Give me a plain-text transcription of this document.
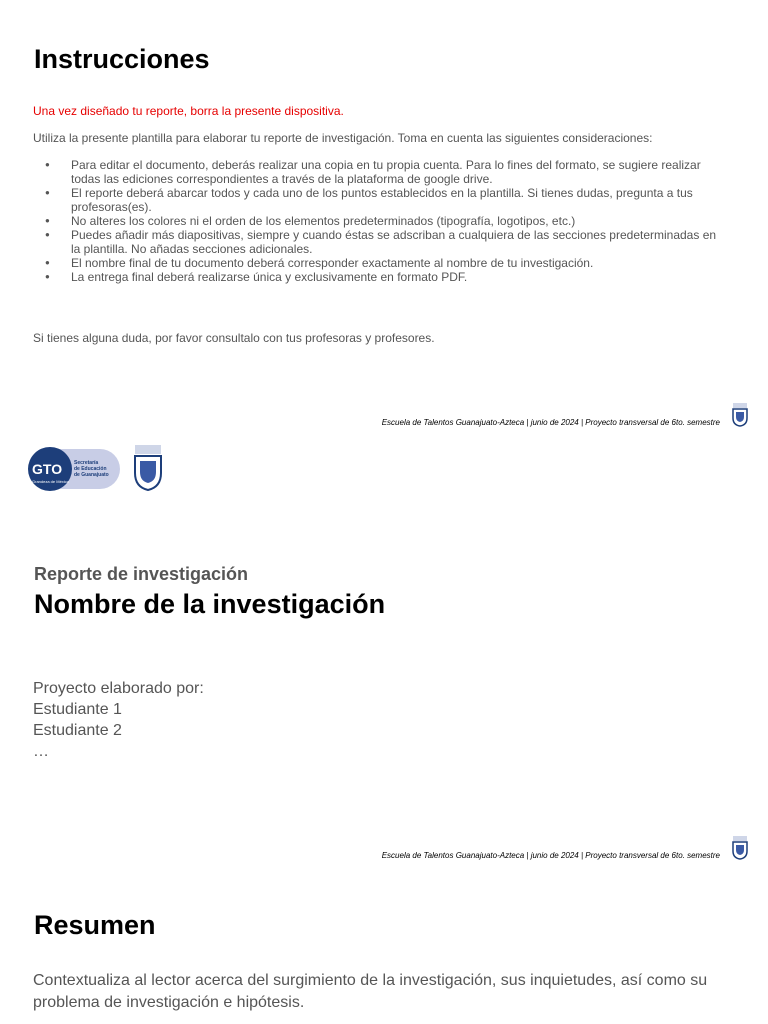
Instrucciones
Una vez diseñado tu reporte, borra la presente dispositiva.
Utiliza la presente plantilla para elaborar tu reporte de investigación. Toma en cuenta las siguientes consideraciones:
● Para editar el documento, deberás realizar una copia en tu propia cuenta. Para lo fines del formato, se sugiere realizar todas las ediciones correspondientes a través de la plataforma de google drive.
● El reporte deberá abarcar todos y cada uno de los puntos establecidos en la plantilla. Si tienes dudas, pregunta a tus profesoras(es).
● No alteres los colores ni el orden de los elementos predeterminados (tipografía, logotipos, etc.)
● Puedes añadir más diapositivas, siempre y cuando éstas se adscriban a cualquiera de las secciones predeterminadas en la plantilla. No añadas secciones adicionales.
● El nombre final de tu documento deberá corresponder exactamente al nombre de tu investigación.
● La entrega final deberá realizarse única y exclusivamente en formato PDF.
Si tienes alguna duda, por favor consultalo con tus profesoras y profesores.
Escuela de Talentos Guanajuato-Azteca | junio de 2024 | Proyecto transversal de 6to. semestre
GTO
Grandeza de México
Secretaría
de Educación
de Guanajuato
Reporte de investigación
Nombre de la investigación
Proyecto elaborado por:
Estudiante 1
Estudiante 2
…
Escuela de Talentos Guanajuato-Azteca | junio de 2024 | Proyecto transversal de 6to. semestre
Resumen
Contextualiza al lector acerca del surgimiento de la investigación, sus inquietudes, así como su problema de investigación e hipótesis.
